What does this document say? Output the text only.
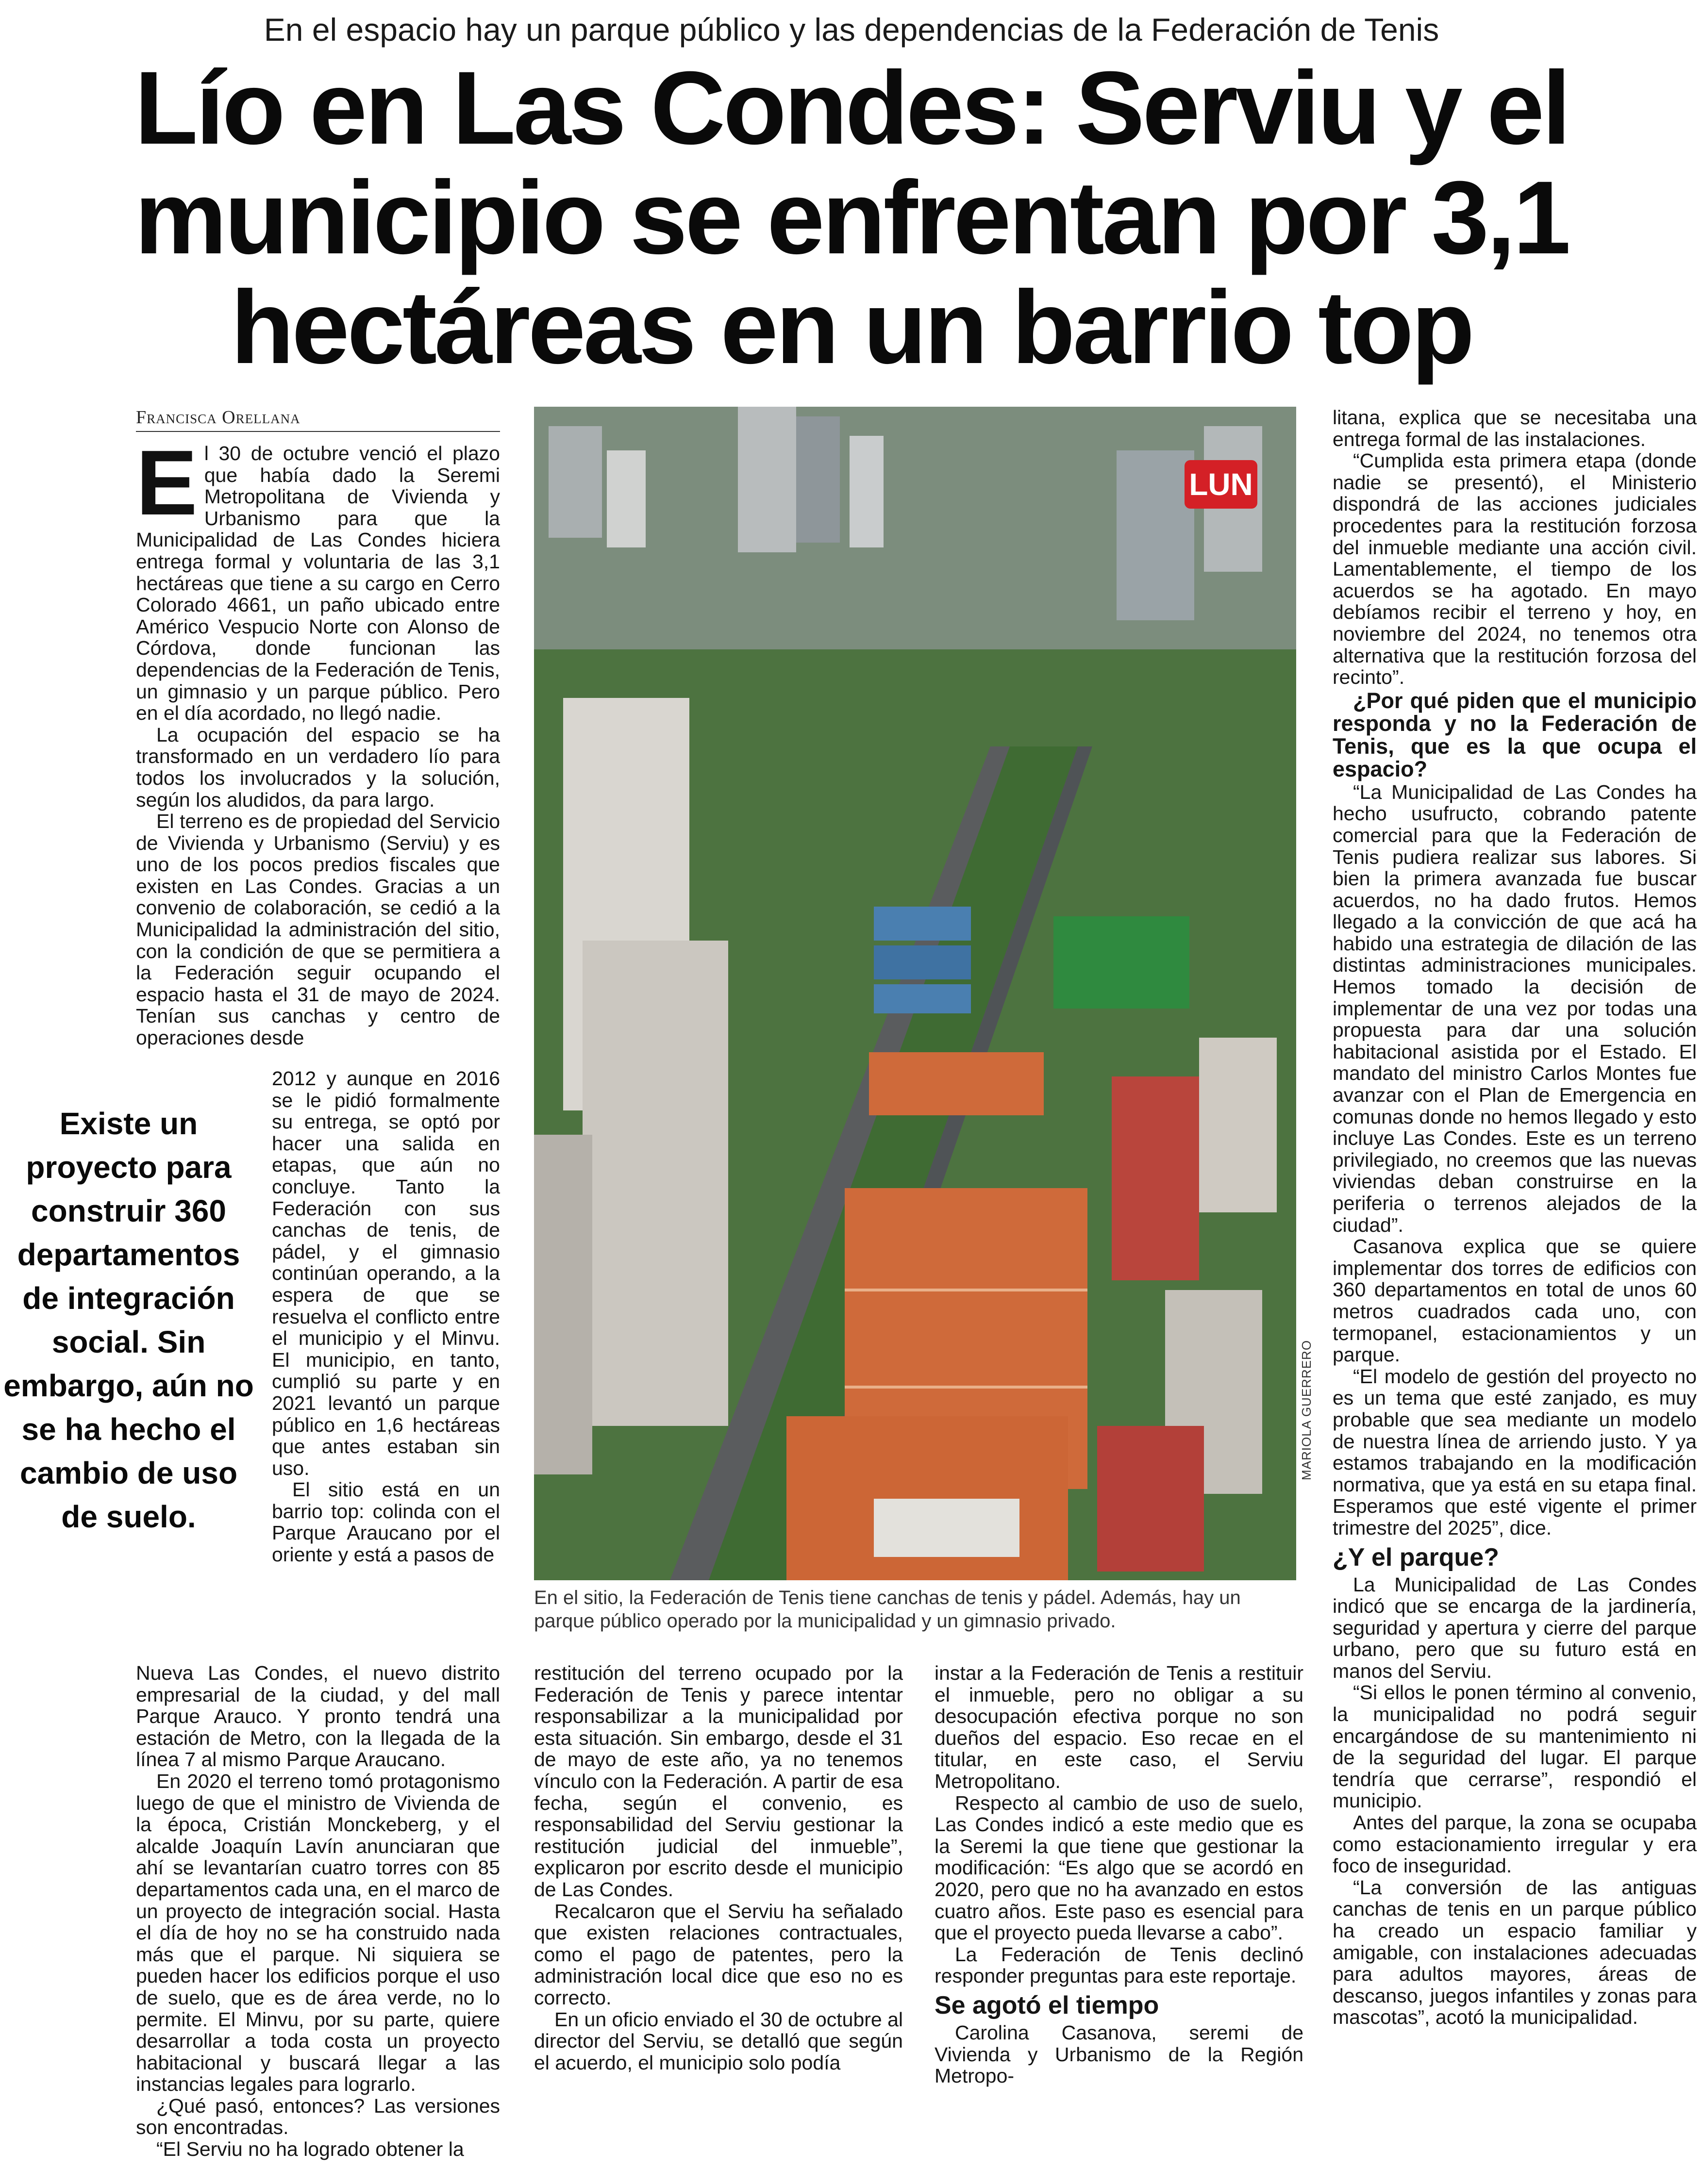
En el espacio hay un parque público y las dependencias de la Federación de Tenis
Lío en Las Condes: Serviu y el municipio se enfrentan por 3,1 hectáreas en un barrio top
Francisca Orellana

El 30 de octubre venció el plazo que había dado la Seremi Metropolitana de Vivienda y Urbanismo para que la Municipalidad de Las Condes hiciera entrega formal y voluntaria de las 3,1 hectáreas que tiene a su cargo en Cerro Colorado 4661, un paño ubicado entre Américo Vespucio Norte con Alonso de Córdova, donde funcionan las dependencias de la Federación de Tenis, un gimnasio y un parque público. Pero en el día acordado, no llegó nadie.

La ocupación del espacio se ha transformado en un verdadero lío para todos los involucrados y la solución, según los aludidos, da para largo.

El terreno es de propiedad del Servicio de Vivienda y Urbanismo (Serviu) y es uno de los pocos predios fiscales que existen en Las Condes. Gracias a un convenio de colaboración, se cedió a la Municipalidad la administración del sitio, con la condición de que se permitiera a la Federación seguir ocupando el espacio hasta el 31 de mayo de 2024. Tenían sus canchas y centro de operaciones desde

2012 y aunque en 2016 se le pidió formalmente su entrega, se optó por hacer una salida en etapas, que aún no concluye. Tanto la Federación con sus canchas de tenis, de pádel, y el gimnasio continúan operando, a la espera de que se resuelva el conflicto entre el municipio y el Minvu. El municipio, en tanto, cumplió su parte y en 2021 levantó un parque público en 1,6 hectáreas que antes estaban sin uso.

El sitio está en un barrio top: colinda con el Parque Araucano por el oriente y está a pasos de

Existe un proyecto para construir 360 departamentos de integración social. Sin embargo, aún no se ha hecho el cambio de uso de suelo.

Nueva Las Condes, el nuevo distrito empresarial de la ciudad, y del mall Parque Arauco. Y pronto tendrá una estación de Metro, con la llegada de la línea 7 al mismo Parque Araucano.

En 2020 el terreno tomó protagonismo luego de que el ministro de Vivienda de la época, Cristián Monckeberg, y el alcalde Joaquín Lavín anunciaran que ahí se levantarían cuatro torres con 85 departamentos cada una, en el marco de un proyecto de integración social. Hasta el día de hoy no se ha construido nada más que el parque. Ni siquiera se pueden hacer los edificios porque el uso de suelo, que es de área verde, no lo permite. El Minvu, por su parte, quiere desarrollar a toda costa un proyecto habitacional y buscará llegar a las instancias legales para lograrlo.

¿Qué pasó, entonces? Las versiones son encontradas.

“El Serviu no ha logrado obtener la

LUN
MARIOLA GUERRERO
En el sitio, la Federación de Tenis tiene canchas de tenis y pádel. Además, hay un parque público operado por la municipalidad y un gimnasio privado.

restitución del terreno ocupado por la Federación de Tenis y parece intentar responsabilizar a la municipalidad por esta situación. Sin embargo, desde el 31 de mayo de este año, ya no tenemos vínculo con la Federación. A partir de esa fecha, según el convenio, es responsabilidad del Serviu gestionar la restitución judicial del inmueble”, explicaron por escrito desde el municipio de Las Condes.

Recalcaron que el Serviu ha señalado que existen relaciones contractuales, como el pago de patentes, pero la administración local dice que eso no es correcto.

En un oficio enviado el 30 de octubre al director del Serviu, se detalló que según el acuerdo, el municipio solo podía

instar a la Federación de Tenis a restituir el inmueble, pero no obligar a su desocupación efectiva porque no son dueños del espacio. Eso recae en el titular, en este caso, el Serviu Metropolitano.

Respecto al cambio de uso de suelo, Las Condes indicó a este medio que es la Seremi la que tiene que gestionar la modificación: “Es algo que se acordó en 2020, pero que no ha avanzado en estos cuatro años. Este paso es esencial para que el proyecto pueda llevarse a cabo”.

La Federación de Tenis declinó responder preguntas para este reportaje.

Se agotó el tiempo

Carolina Casanova, seremi de Vivienda y Urbanismo de la Región Metropo-

litana, explica que se necesitaba una entrega formal de las instalaciones.

“Cumplida esta primera etapa (donde nadie se presentó), el Ministerio dispondrá de las acciones judiciales procedentes para la restitución forzosa del inmueble mediante una acción civil. Lamentablemente, el tiempo de los acuerdos se ha agotado. En mayo debíamos recibir el terreno y hoy, en noviembre del 2024, no tenemos otra alternativa que la restitución forzosa del recinto”.

¿Por qué piden que el municipio responda y no la Federación de Tenis, que es la que ocupa el espacio?

“La Municipalidad de Las Condes ha hecho usufructo, cobrando patente comercial para que la Federación de Tenis pudiera realizar sus labores. Si bien la primera avanzada fue buscar acuerdos, no ha dado frutos. Hemos llegado a la convicción de que acá ha habido una estrategia de dilación de las distintas administraciones municipales. Hemos tomado la decisión de implementar de una vez por todas una propuesta para dar una solución habitacional asistida por el Estado. El mandato del ministro Carlos Montes fue avanzar con el Plan de Emergencia en comunas donde no hemos llegado y esto incluye Las Condes. Este es un terreno privilegiado, no creemos que las nuevas viviendas deban construirse en la periferia o terrenos alejados de la ciudad”.

Casanova explica que se quiere implementar dos torres de edificios con 360 departamentos en total de unos 60 metros cuadrados cada uno, con termopanel, estacionamientos y un parque.

“El modelo de gestión del proyecto no es un tema que esté zanjado, es muy probable que sea mediante un modelo de nuestra línea de arriendo justo. Y ya estamos trabajando en la modificación normativa, que ya está en su etapa final. Esperamos que esté vigente el primer trimestre del 2025”, dice.

¿Y el parque?

La Municipalidad de Las Condes indicó que se encarga de la jardinería, seguridad y apertura y cierre del parque urbano, pero que su futuro está en manos del Serviu.

“Si ellos le ponen término al convenio, la municipalidad no podrá seguir encargándose de su mantenimiento ni de la seguridad del lugar. El parque tendría que cerrarse”, respondió el municipio.

Antes del parque, la zona se ocupaba como estacionamiento irregular y era foco de inseguridad.

“La conversión de las antiguas canchas de tenis en un parque público ha creado un espacio familiar y amigable, con instalaciones adecuadas para adultos mayores, áreas de descanso, juegos infantiles y zonas para mascotas”, acotó la municipalidad.
